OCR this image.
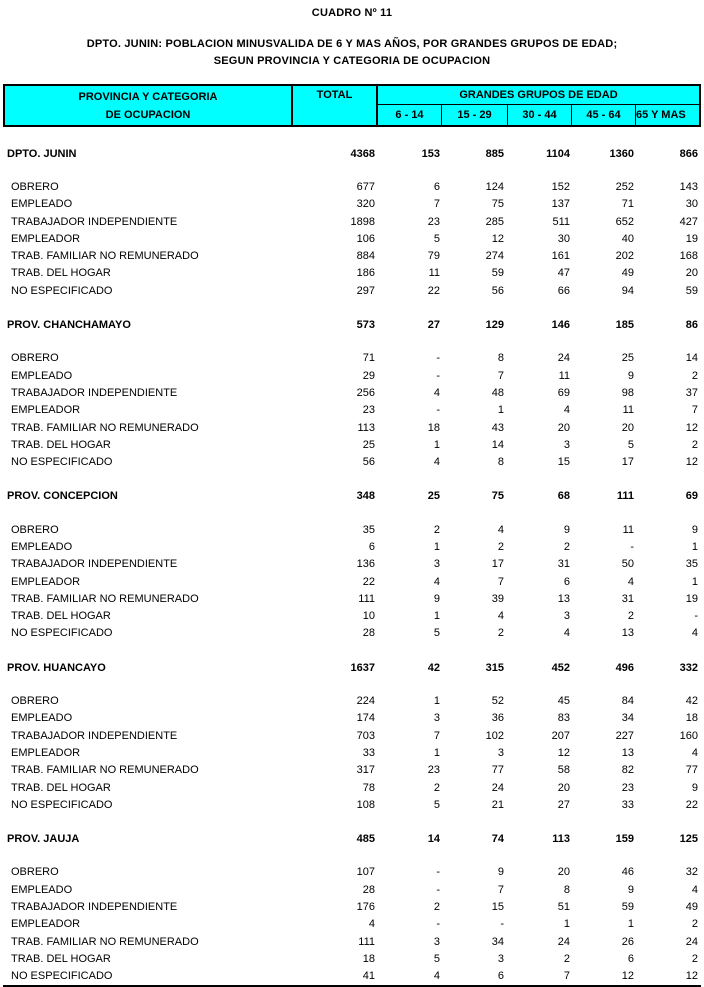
CUADRO Nº 11
DPTO. JUNIN: POBLACION MINUSVALIDA DE 6 Y MAS AÑOS, POR GRANDES GRUPOS DE EDAD;
SEGUN PROVINCIA Y CATEGORIA DE OCUPACION
PROVINCIA Y CATEGORIA
DE OCUPACION
TOTAL	GRANDES GRUPOS DE EDAD
6 - 14	15 - 29	30 - 44	45 - 64	65 Y MAS
DPTO. JUNIN	4368	153	885	1104	1360	866
OBRERO	677	6	124	152	252	143
EMPLEADO	320	7	75	137	71	30
TRABAJADOR INDEPENDIENTE	1898	23	285	511	652	427
EMPLEADOR	106	5	12	30	40	19
TRAB. FAMILIAR NO REMUNERADO	884	79	274	161	202	168
TRAB. DEL HOGAR	186	11	59	47	49	20
NO ESPECIFICADO	297	22	56	66	94	59
PROV. CHANCHAMAYO	573	27	129	146	185	86
OBRERO	71	-	8	24	25	14
EMPLEADO	29	-	7	11	9	2
TRABAJADOR INDEPENDIENTE	256	4	48	69	98	37
EMPLEADOR	23	-	1	4	11	7
TRAB. FAMILIAR NO REMUNERADO	113	18	43	20	20	12
TRAB. DEL HOGAR	25	1	14	3	5	2
NO ESPECIFICADO	56	4	8	15	17	12
PROV. CONCEPCION	348	25	75	68	111	69
OBRERO	35	2	4	9	11	9
EMPLEADO	6	1	2	2	-	1
TRABAJADOR INDEPENDIENTE	136	3	17	31	50	35
EMPLEADOR	22	4	7	6	4	1
TRAB. FAMILIAR NO REMUNERADO	111	9	39	13	31	19
TRAB. DEL HOGAR	10	1	4	3	2	-
NO ESPECIFICADO	28	5	2	4	13	4
PROV. HUANCAYO	1637	42	315	452	496	332
OBRERO	224	1	52	45	84	42
EMPLEADO	174	3	36	83	34	18
TRABAJADOR INDEPENDIENTE	703	7	102	207	227	160
EMPLEADOR	33	1	3	12	13	4
TRAB. FAMILIAR NO REMUNERADO	317	23	77	58	82	77
TRAB. DEL HOGAR	78	2	24	20	23	9
NO ESPECIFICADO	108	5	21	27	33	22
PROV. JAUJA	485	14	74	113	159	125
OBRERO	107	-	9	20	46	32
EMPLEADO	28	-	7	8	9	4
TRABAJADOR INDEPENDIENTE	176	2	15	51	59	49
EMPLEADOR	4	-	-	1	1	2
TRAB. FAMILIAR NO REMUNERADO	111	3	34	24	26	24
TRAB. DEL HOGAR	18	5	3	2	6	2
NO ESPECIFICADO	41	4	6	7	12	12
